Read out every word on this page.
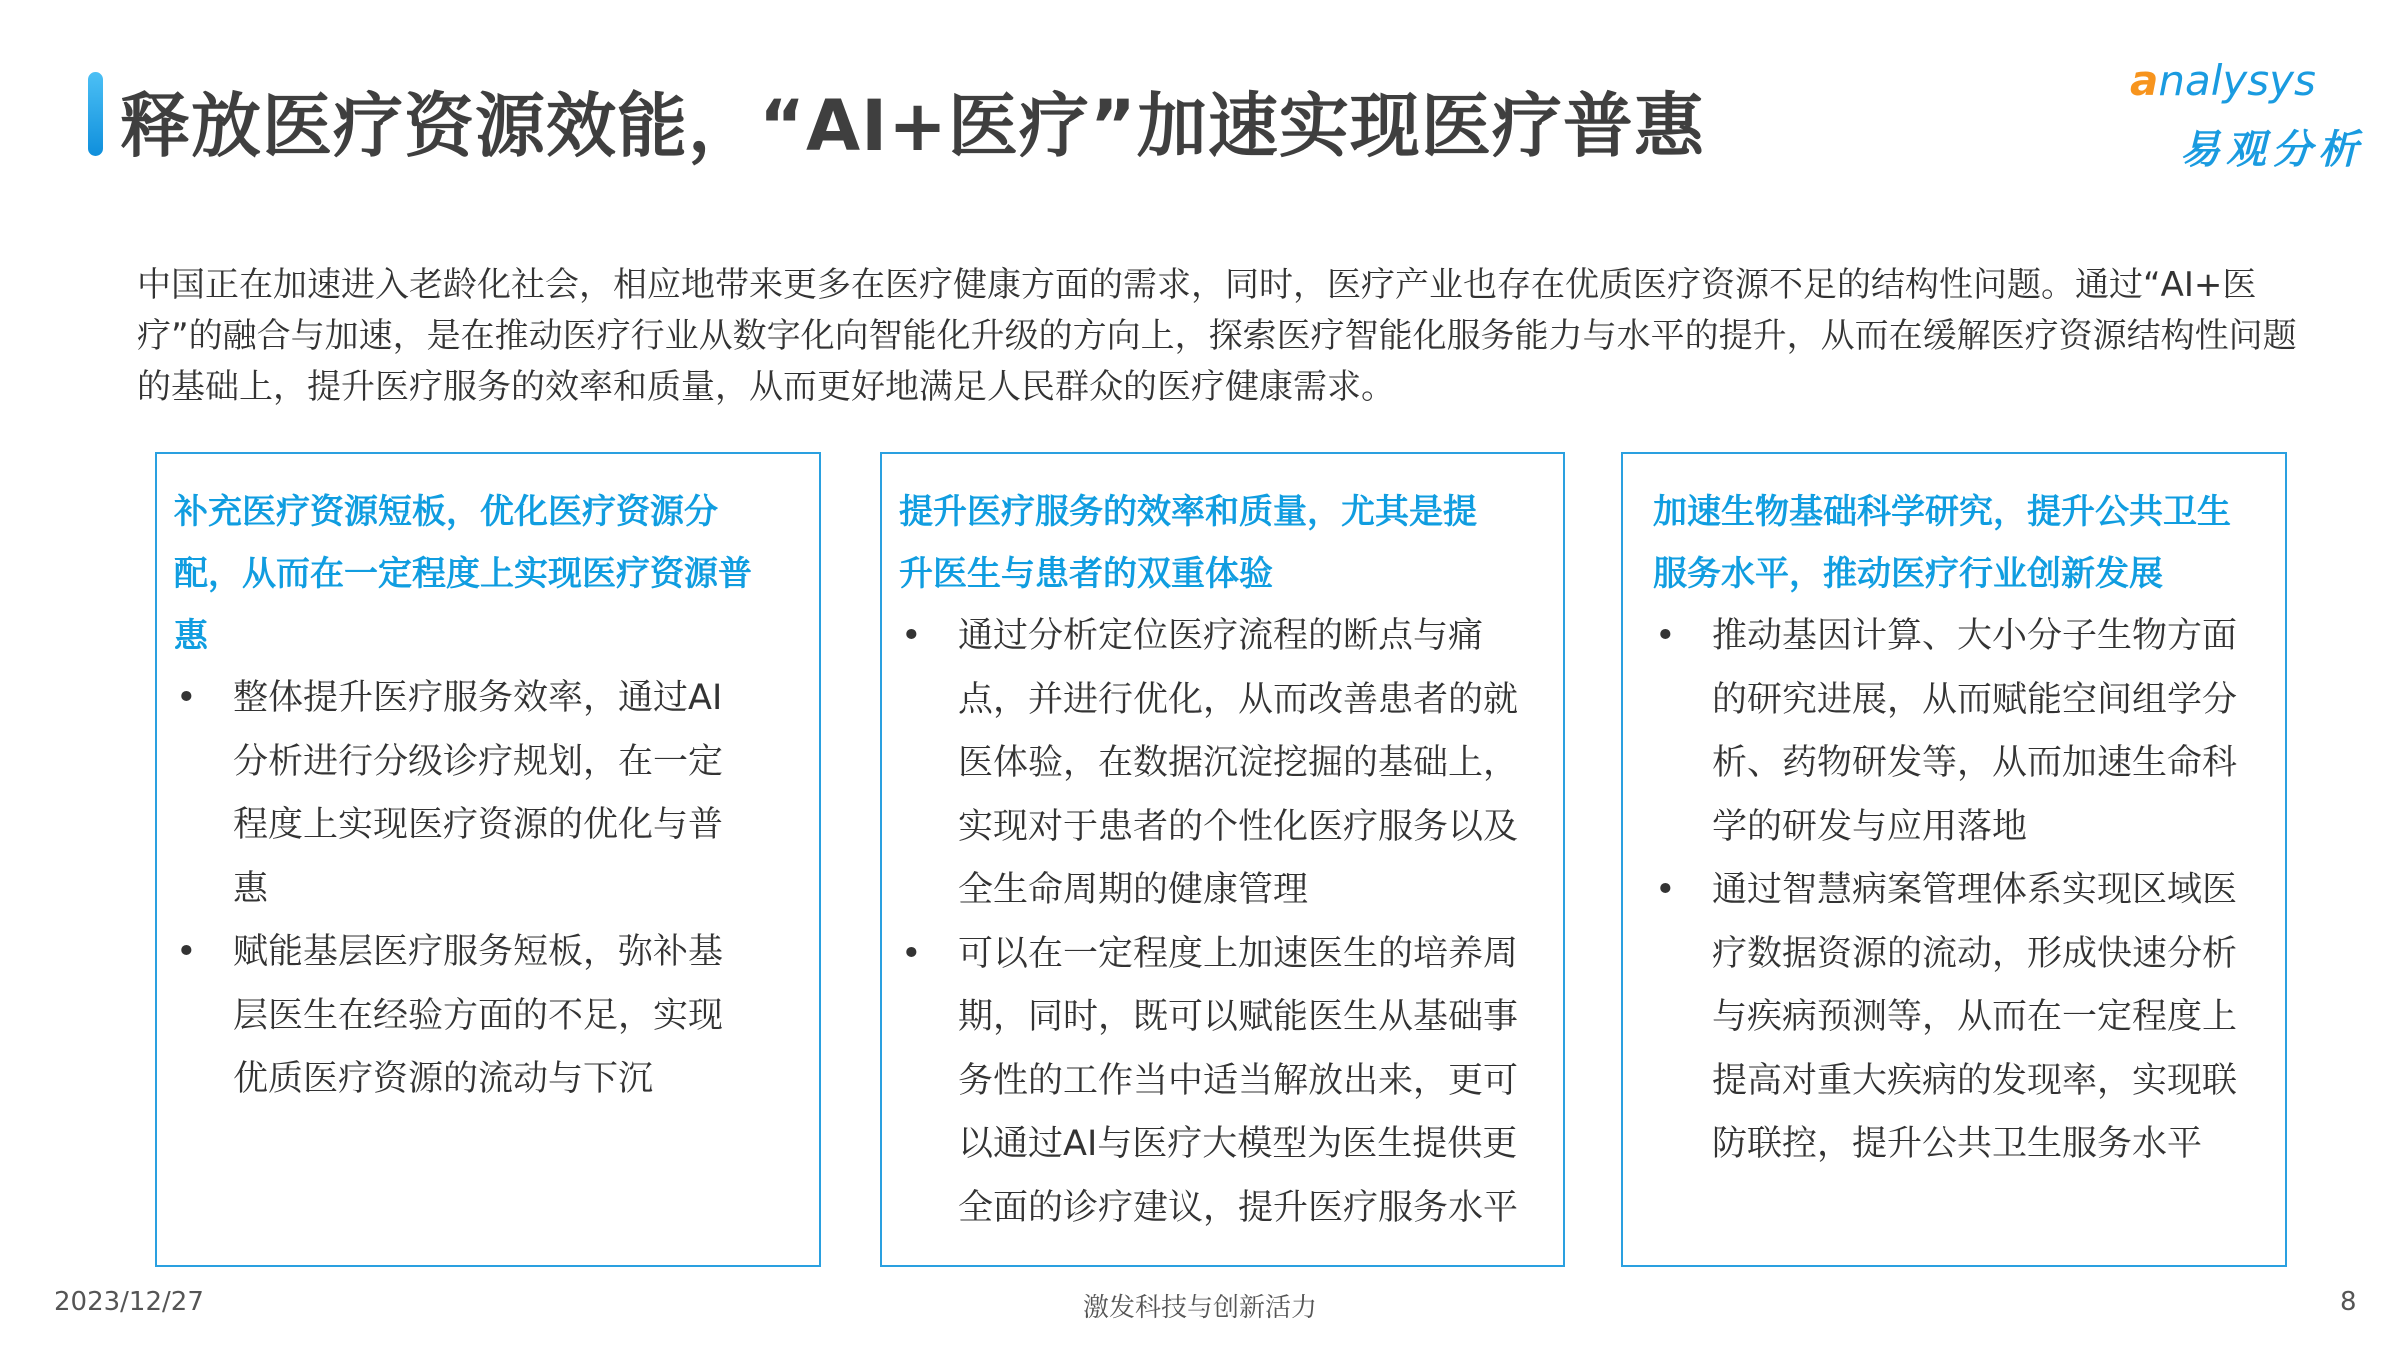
释放医疗资源效能，“AI+医疗”加速实现医疗普惠
analysys
易观分析

中国正在加速进入老龄化社会，相应地带来更多在医疗健康方面的需求，同时，医疗产业也存在优质医疗资源不足的结构性问题。通过“AI+医疗”的融合与加速，是在推动医疗行业从数字化向智能化升级的方向上，探索医疗智能化服务能力与水平的提升，从而在缓解医疗资源结构性问题的基础上，提升医疗服务的效率和质量，从而更好地满足人民群众的医疗健康需求。

补充医疗资源短板，优化医疗资源分配，从而在一定程度上实现医疗资源普惠
• 整体提升医疗服务效率，通过AI分析进行分级诊疗规划，在一定程度上实现医疗资源的优化与普惠
• 赋能基层医疗服务短板，弥补基层医生在经验方面的不足，实现优质医疗资源的流动与下沉
提升医疗服务的效率和质量，尤其是提升医生与患者的双重体验
• 通过分析定位医疗流程的断点与痛点，并进行优化，从而改善患者的就医体验，在数据沉淀挖掘的基础上，实现对于患者的个性化医疗服务以及全生命周期的健康管理
• 可以在一定程度上加速医生的培养周期，同时，既可以赋能医生从基础事务性的工作当中适当解放出来，更可以通过AI与医疗大模型为医生提供更全面的诊疗建议，提升医疗服务水平
加速生物基础科学研究，提升公共卫生服务水平，推动医疗行业创新发展
• 推动基因计算、大小分子生物方面的研究进展，从而赋能空间组学分析、药物研发等，从而加速生命科学的研发与应用落地
• 通过智慧病案管理体系实现区域医疗数据资源的流动，形成快速分析与疾病预测等，从而在一定程度上提高对重大疾病的发现率，实现联防联控，提升公共卫生服务水平
2023/12/27	激发科技与创新活力	8
